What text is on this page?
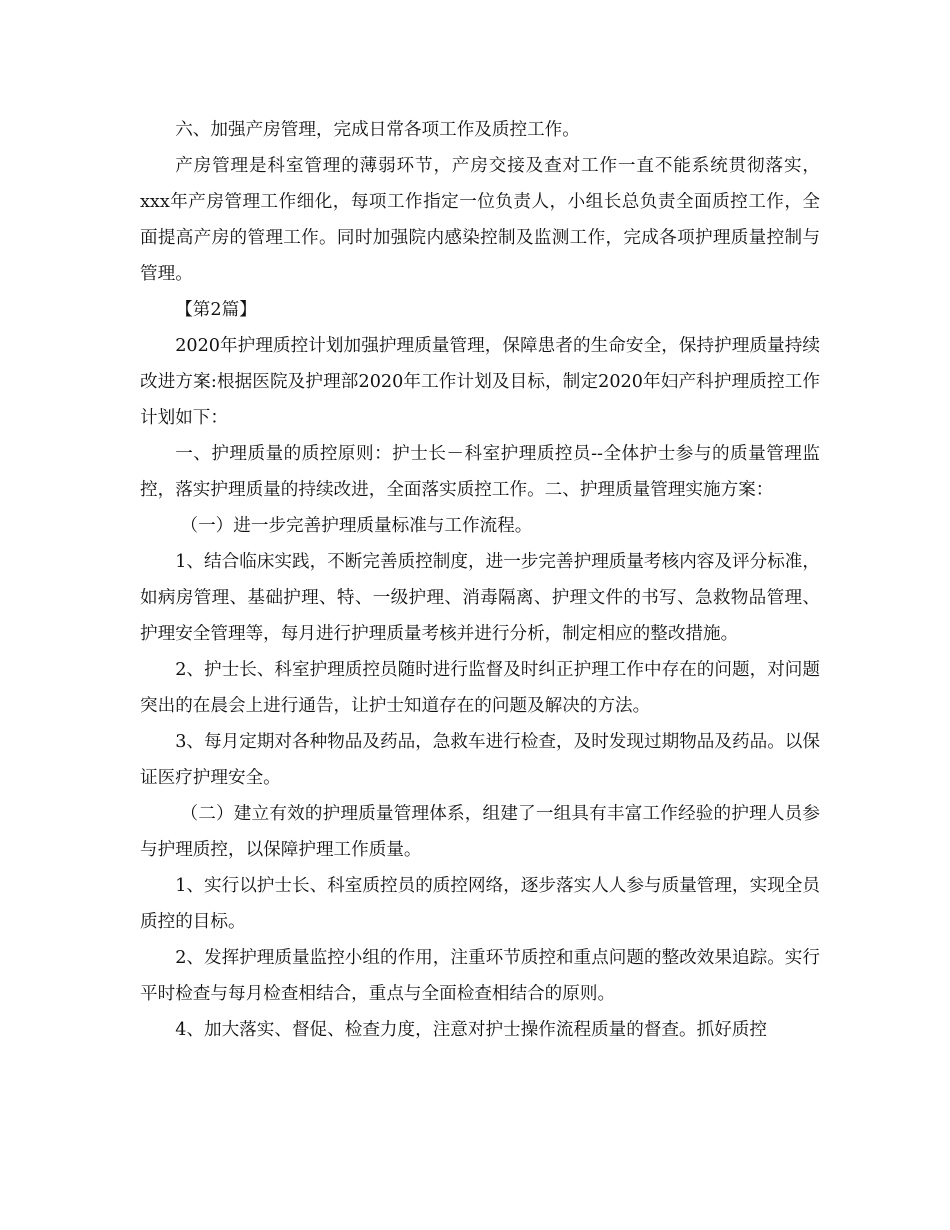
六、加强产房管理，完成日常各项工作及质控工作。

产房管理是科室管理的薄弱环节，产房交接及查对工作一直不能系统贯彻落实，xxx年产房管理工作细化，每项工作指定一位负责人，小组长总负责全面质控工作，全面提高产房的管理工作。同时加强院内感染控制及监测工作，完成各项护理质量控制与管理。

【第2篇】

2020年护理质控计划加强护理质量管理，保障患者的生命安全，保持护理质量持续改进方案:根据医院及护理部2020年工作计划及目标，制定2020年妇产科护理质控工作计划如下：

一、护理质量的质控原则：护士长－科室护理质控员--全体护士参与的质量管理监控，落实护理质量的持续改进，全面落实质控工作。二、护理质量管理实施方案：

（一）进一步完善护理质量标准与工作流程。

1、结合临床实践，不断完善质控制度，进一步完善护理质量考核内容及评分标准，如病房管理、基础护理、特、一级护理、消毒隔离、护理文件的书写、急救物品管理、护理安全管理等，每月进行护理质量考核并进行分析，制定相应的整改措施。

2、护士长、科室护理质控员随时进行监督及时纠正护理工作中存在的问题，对问题突出的在晨会上进行通告，让护士知道存在的问题及解决的方法。

3、每月定期对各种物品及药品，急救车进行检查，及时发现过期物品及药品。以保证医疗护理安全。

（二）建立有效的护理质量管理体系，组建了一组具有丰富工作经验的护理人员参与护理质控，以保障护理工作质量。

1、实行以护士长、科室质控员的质控网络，逐步落实人人参与质量管理，实现全员质控的目标。

2、发挥护理质量监控小组的作用，注重环节质控和重点问题的整改效果追踪。实行平时检查与每月检查相结合，重点与全面检查相结合的原则。

4、加大落实、督促、检查力度，注意对护士操作流程质量的督查。抓好质控
